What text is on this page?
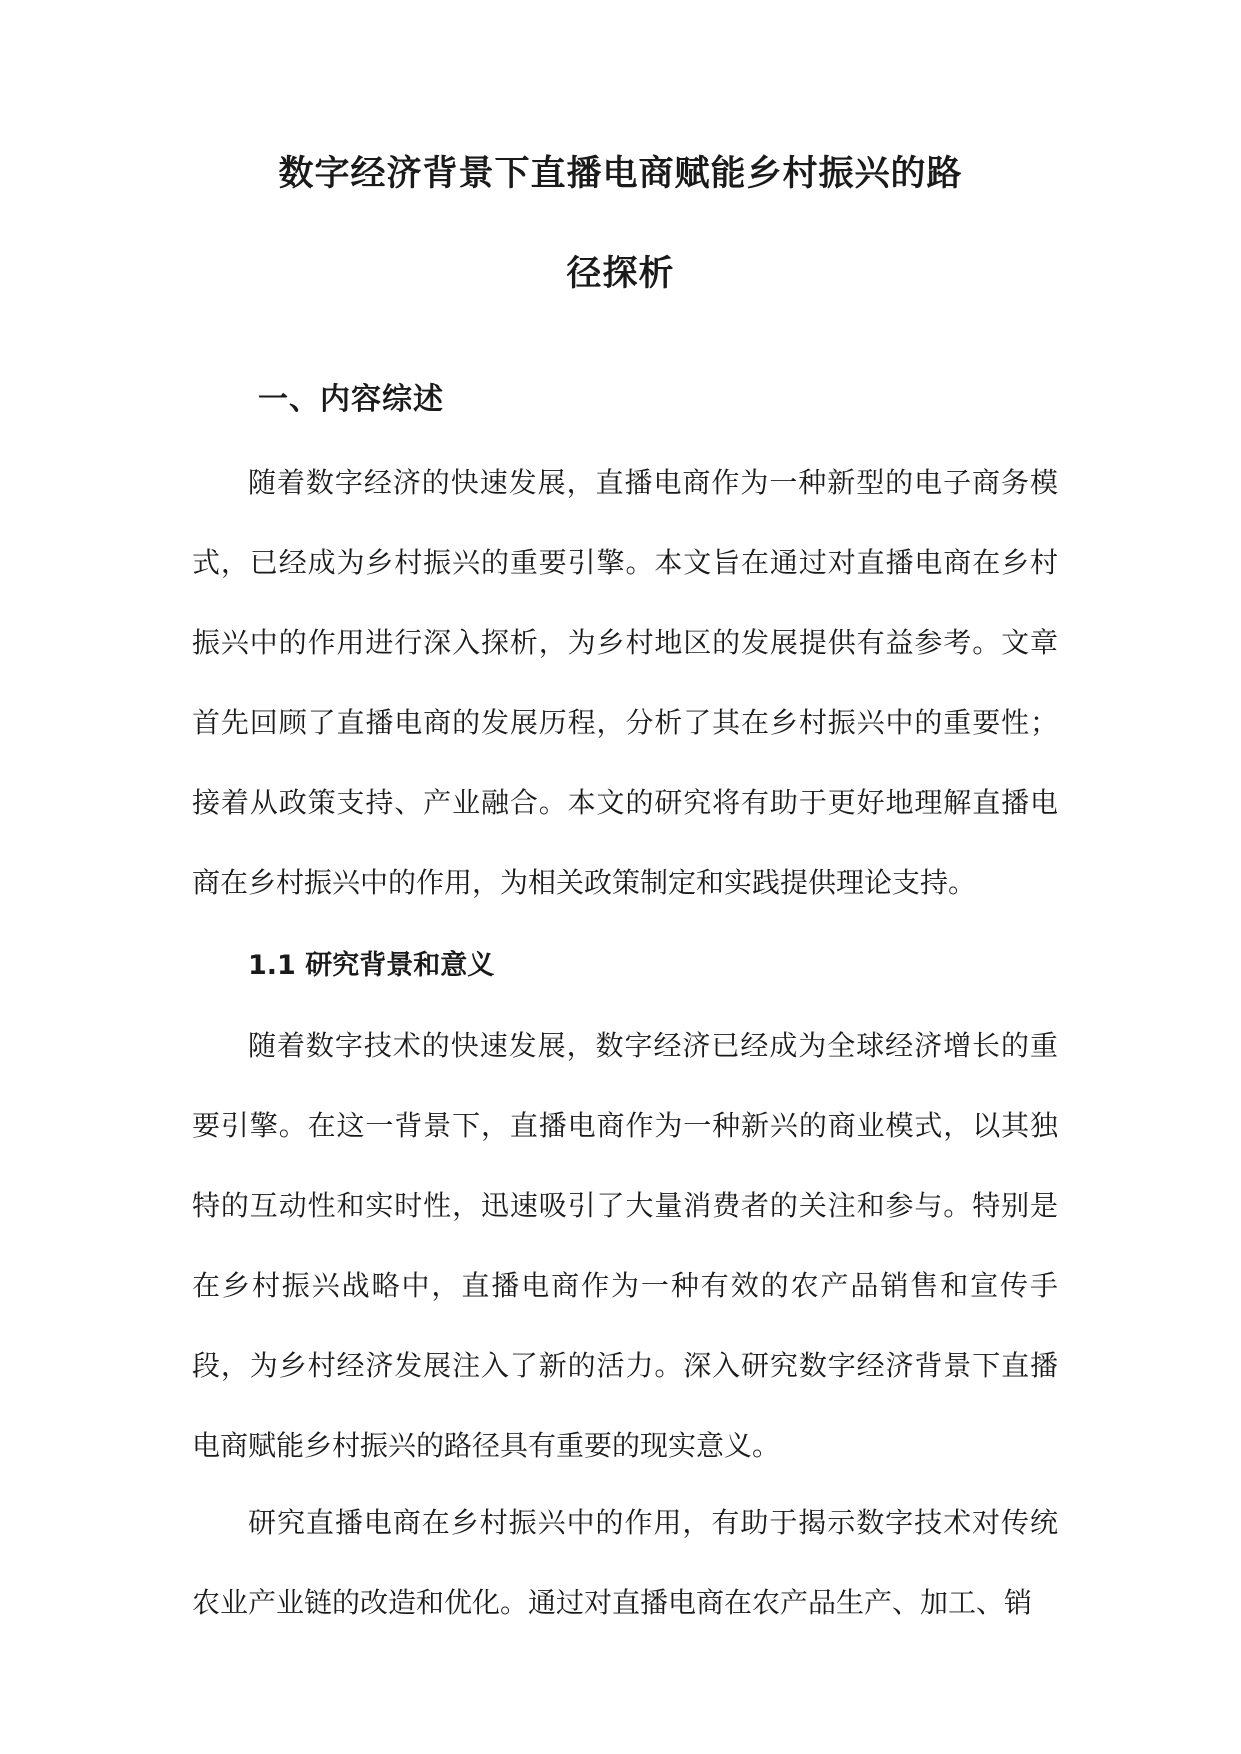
数字经济背景下直播电商赋能乡村振兴的路
径探析
一、内容综述

随着数字经济的快速发展，直播电商作为一种新型的电子商务模式，已经成为乡村振兴的重要引擎。本文旨在通过对直播电商在乡村振兴中的作用进行深入探析，为乡村地区的发展提供有益参考。文章首先回顾了直播电商的发展历程，分析了其在乡村振兴中的重要性；接着从政策支持、产业融合。本文的研究将有助于更好地理解直播电商在乡村振兴中的作用，为相关政策制定和实践提供理论支持。

1.1 研究背景和意义

随着数字技术的快速发展，数字经济已经成为全球经济增长的重要引擎。在这一背景下，直播电商作为一种新兴的商业模式，以其独特的互动性和实时性，迅速吸引了大量消费者的关注和参与。特别是在乡村振兴战略中，直播电商作为一种有效的农产品销售和宣传手段，为乡村经济发展注入了新的活力。深入研究数字经济背景下直播电商赋能乡村振兴的路径具有重要的现实意义。

研究直播电商在乡村振兴中的作用，有助于揭示数字技术对传统农业产业链的改造和优化。通过对直播电商在农产品生产、加工、销
